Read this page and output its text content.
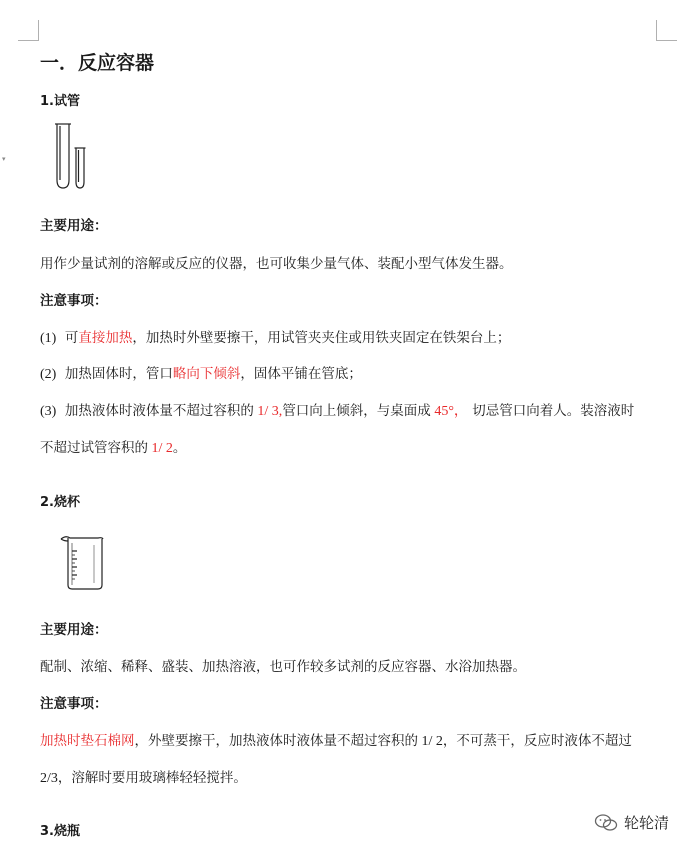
▾
一．反应容器
1.试管
主要用途：
用作少量试剂的溶解或反应的仪器，也可收集少量气体、装配小型气体发生器。
注意事项：
(1) 可直接加热，加热时外壁要擦干，用试管夹夹住或用铁夹固定在铁架台上；
(2) 加热固体时，管口略向下倾斜，固体平铺在管底；
(3) 加热液体时液体量不超过容积的 1/ 3,管口向上倾斜，与桌面成 45°， 切忌管口向着人。装溶液时
不超过试管容积的 1/ 2。
2.烧杯
主要用途：
配制、浓缩、稀释、盛装、加热溶液，也可作较多试剂的反应容器、水浴加热器。
注意事项：
加热时垫石棉网，外壁要擦干，加热液体时液体量不超过容积的 1/ 2，不可蒸干，反应时液体不超过
2/3，溶解时要用玻璃棒轻轻搅拌。
3.烧瓶	轮轮清
